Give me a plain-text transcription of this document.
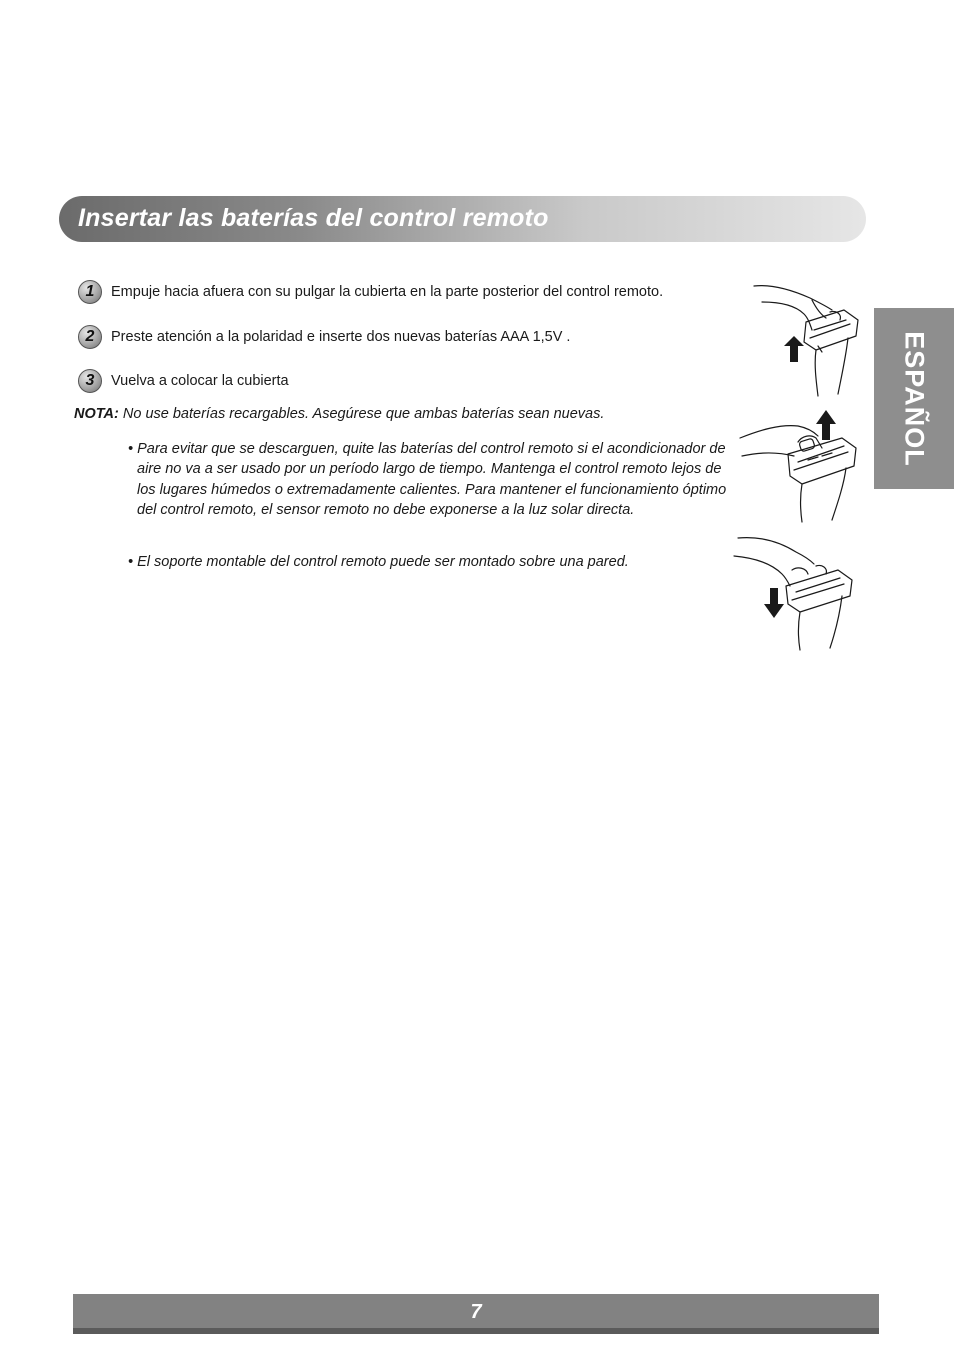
Insertar las baterías del control remoto
ESPAÑOL
1	Empuje hacia afuera con su pulgar la cubierta en la parte posterior del control remoto.
2	Preste atención a la polaridad e inserte dos nuevas baterías AAA 1,5V .
3	Vuelva a colocar la cubierta
NOTA: No use baterías recargables. Asegúrese que ambas baterías sean nuevas.
• Para evitar que se descarguen, quite las baterías del control remoto si el acondicionador de aire no va a ser usado por un período largo de tiempo. Mantenga el control remoto lejos de los lugares húmedos o extremadamente calientes. Para mantener el funcionamiento óptimo del control remoto, el sensor remoto no debe exponerse a la luz solar directa.
• El soporte montable del control remoto puede ser montado sobre una pared.
7
